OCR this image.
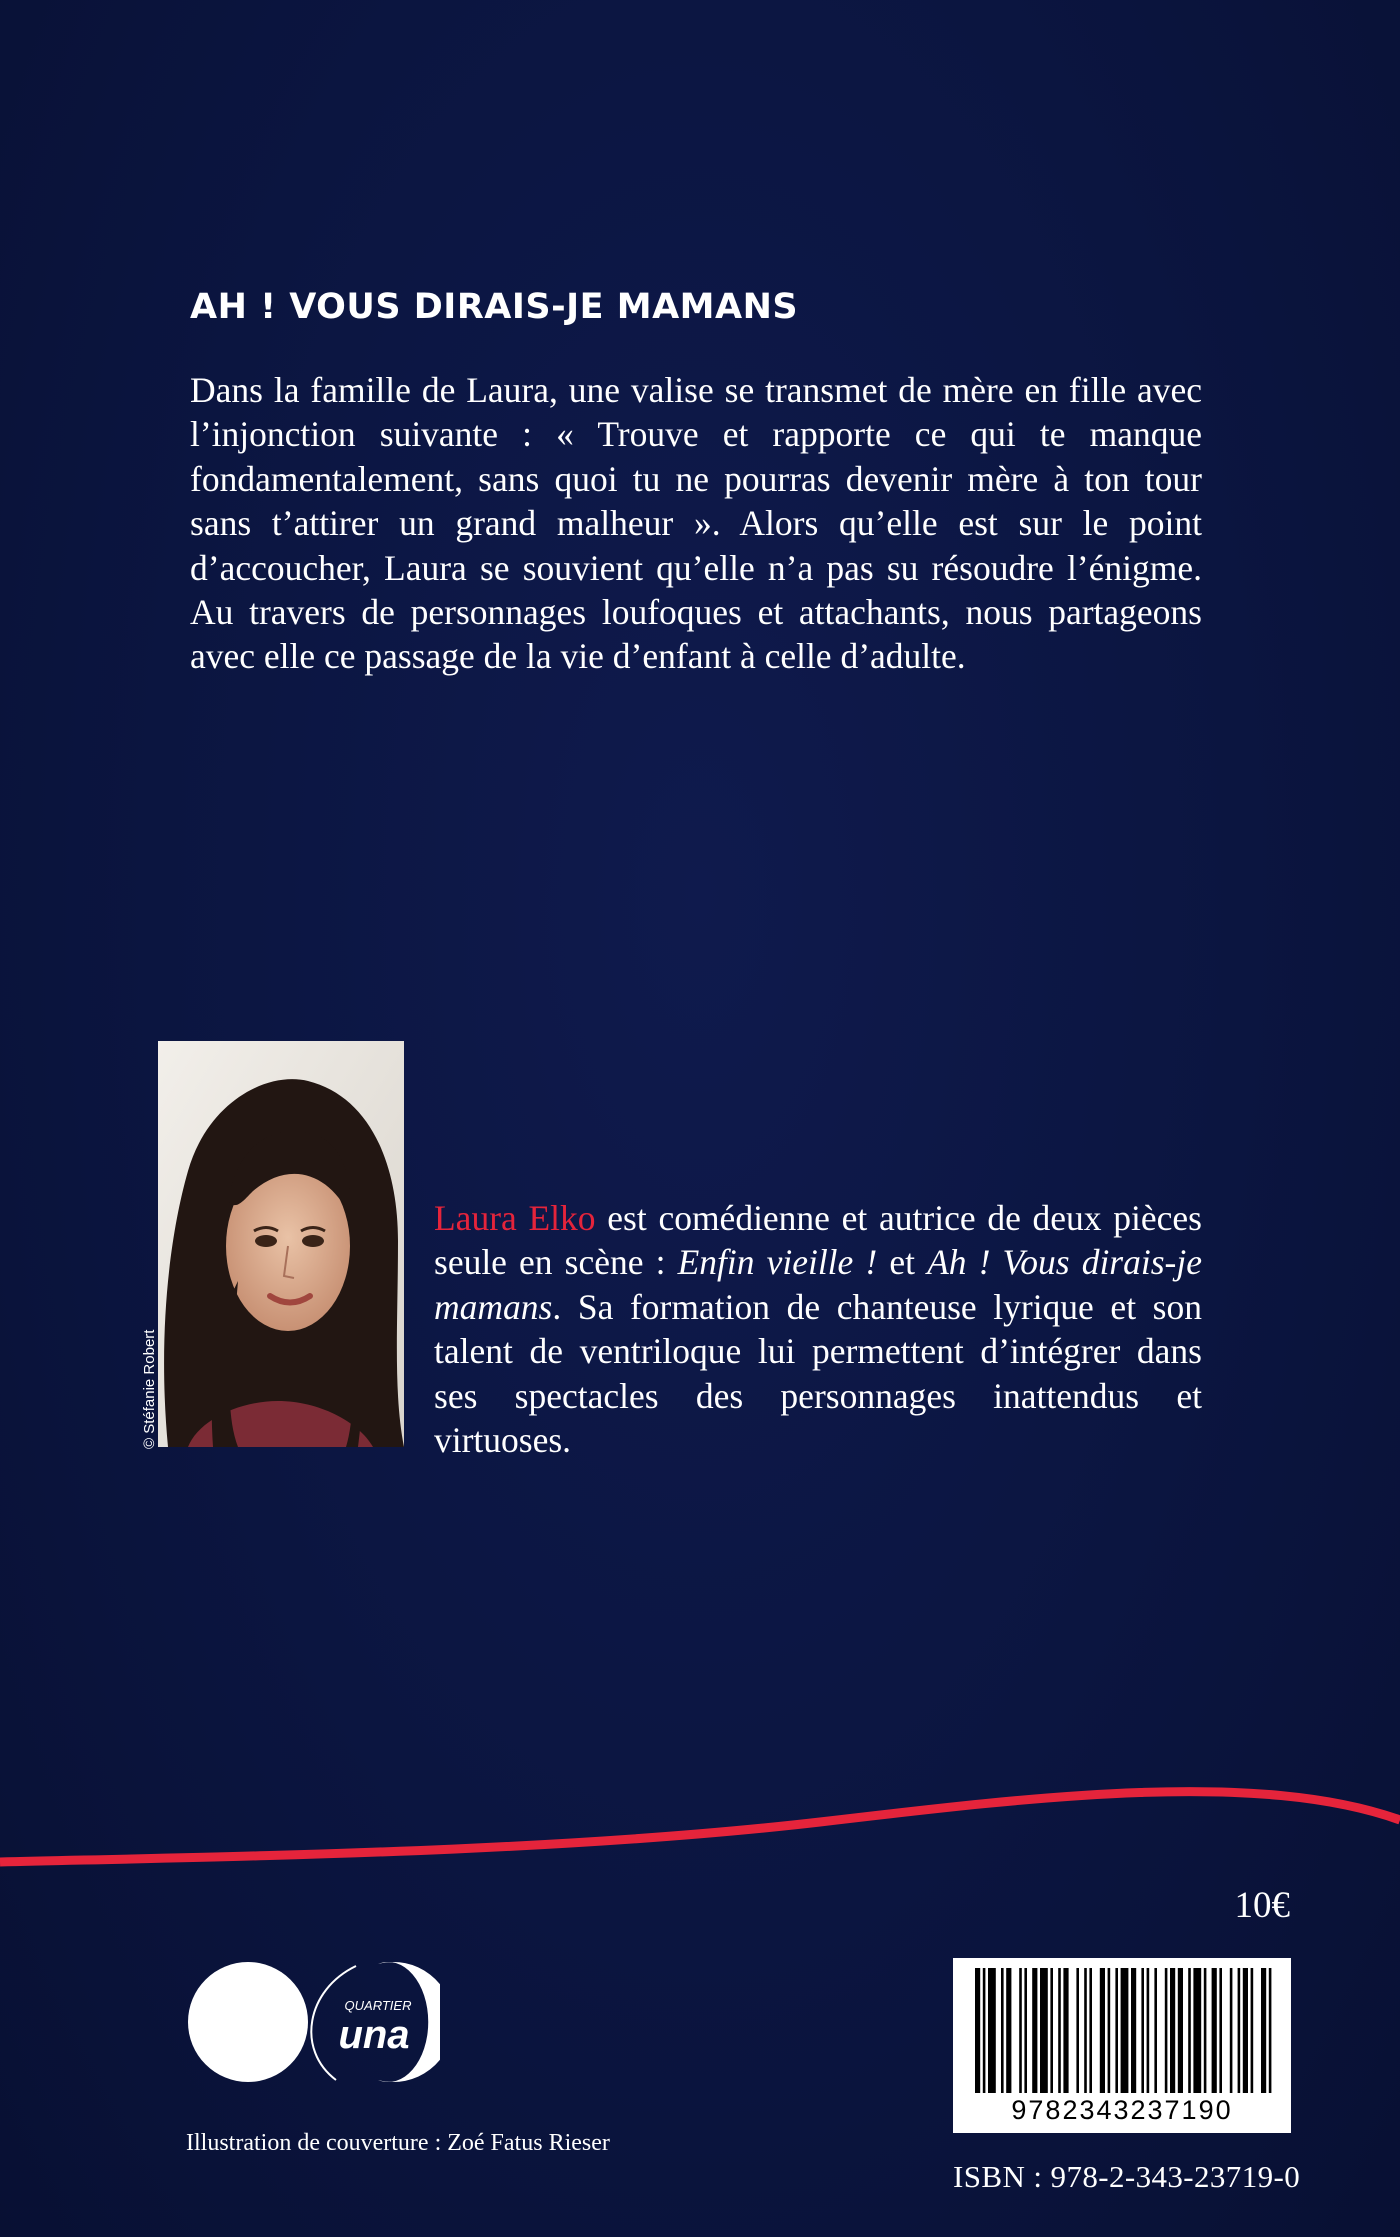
AH ! VOUS DIRAIS-JE MAMANS

Dans la famille de Laura, une valise se transmet de mère en fille avec l’injonction suivante : « Trouve et rapporte ce qui te manque fondamentalement, sans quoi tu ne pourras devenir mère à ton tour sans t’attirer un grand malheur ». Alors qu’elle est sur le point d’accoucher, Laura se souvient qu’elle n’a pas su résoudre l’énigme. Au travers de personnages loufoques et attachants, nous partageons avec elle ce passage de la vie d’enfant à celle d’adulte.

© Stéfanie Robert

Laura Elko est comédienne et autrice de deux pièces seule en scène : Enfin vieille ! et Ah ! Vous dirais-je mamans. Sa formation de chanteuse lyrique et son talent de ventriloque lui permettent d’intégrer dans ses spectacles des personnages inattendus et virtuoses.

10€
QUARTIER
una
9782343237190
Illustration de couverture : Zoé Fatus Rieser
ISBN : 978-2-343-23719-0
